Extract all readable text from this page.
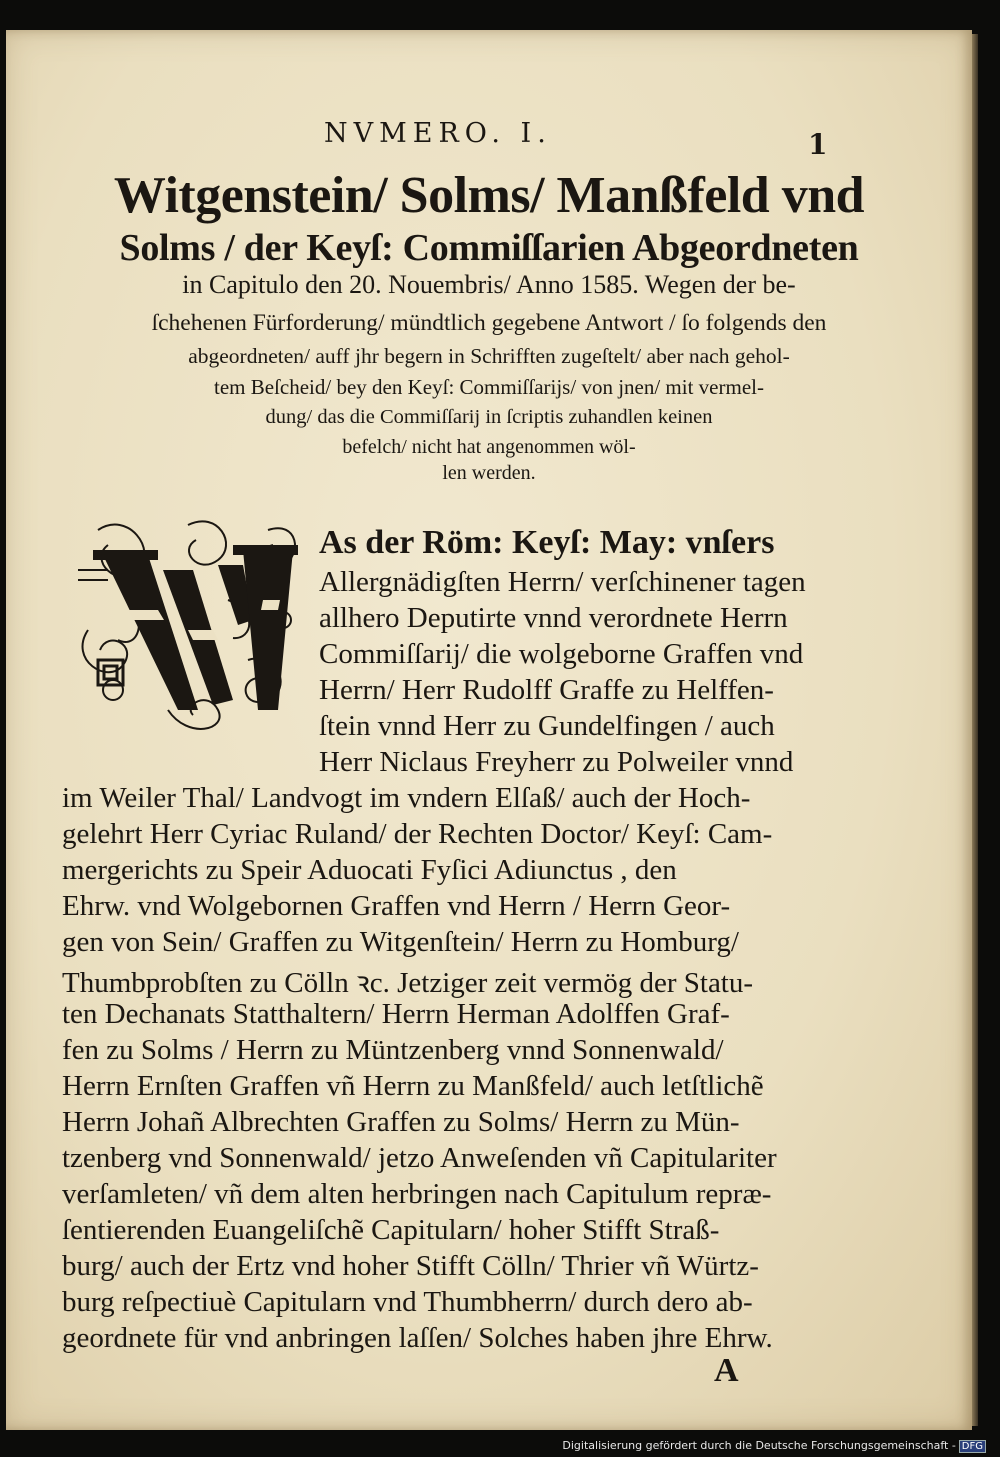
NVMERO. I.	1
Witgenstein/ Solms/ Manßfeld vnd
Solms / der Keyſ: Commiſſarien Abgeordneten
in Capitulo den 20. Nouembris/ Anno 1585. Wegen der be-
ſchehenen Fürforderung/ mündtlich gegebene Antwort / ſo folgends den
abgeordneten/ auff jhr begern in Schrifften zugeſtelt/ aber nach gehol-
tem Beſcheid/ bey den Keyſ: Commiſſarijs/ von jnen/ mit vermel-
dung/ das die Commiſſarij in ſcriptis zuhandlen keinen
befelch/ nicht hat angenommen wöl-
len werden.
As der Röm: Keyſ: May: vnſers
Allergnädigſten Herrn/ verſchinener tagen
allhero Deputirte vnnd verordnete Herrn
Commiſſarij/ die wolgeborne Graffen vnd
Herrn/ Herr Rudolff Graffe zu Helffen-
ſtein vnnd Herr zu Gundelfingen / auch
Herr Niclaus Freyherr zu Polweiler vnnd
im Weiler Thal/ Landvogt im vndern Elſaß/ auch der Hoch-
gelehrt Herr Cyriac Ruland/ der Rechten Doctor/ Keyſ: Cam-
mergerichts zu Speir Aduocati Fyſici Adiunctus , den
Ehrw. vnd Wolgebornen Graffen vnd Herrn / Herrn Geor-
gen von Sein/ Graffen zu Witgenſtein/ Herrn zu Homburg/
Thumbprobſten zu Cölln ꝛc. Jetziger zeit vermög der Statu-
ten Dechanats Statthaltern/ Herrn Herman Adolffen Graf-
fen zu Solms / Herrn zu Müntzenberg vnnd Sonnenwald/
Herrn Ernſten Graffen vñ Herrn zu Manßfeld/ auch letſtlichẽ
Herrn Johañ Albrechten Graffen zu Solms/ Herrn zu Mün-
tzenberg vnd Sonnenwald/ jetzo Anweſenden vñ Capitulariter
verſamleten/ vñ dem alten herbringen nach Capitulum repræ-
ſentierenden Euangeliſchẽ Capitularn/ hoher Stifft Straß-
burg/ auch der Ertz vnd hoher Stifft Cölln/ Thrier vñ Würtz-
burg reſpectiuè Capitularn vnd Thumbherrn/ durch dero ab-
geordnete für vnd anbringen laſſen/ Solches haben jhre Ehrw.
A
Digitalisierung gefördert durch die Deutsche Forschungsgemeinschaft - DFG
